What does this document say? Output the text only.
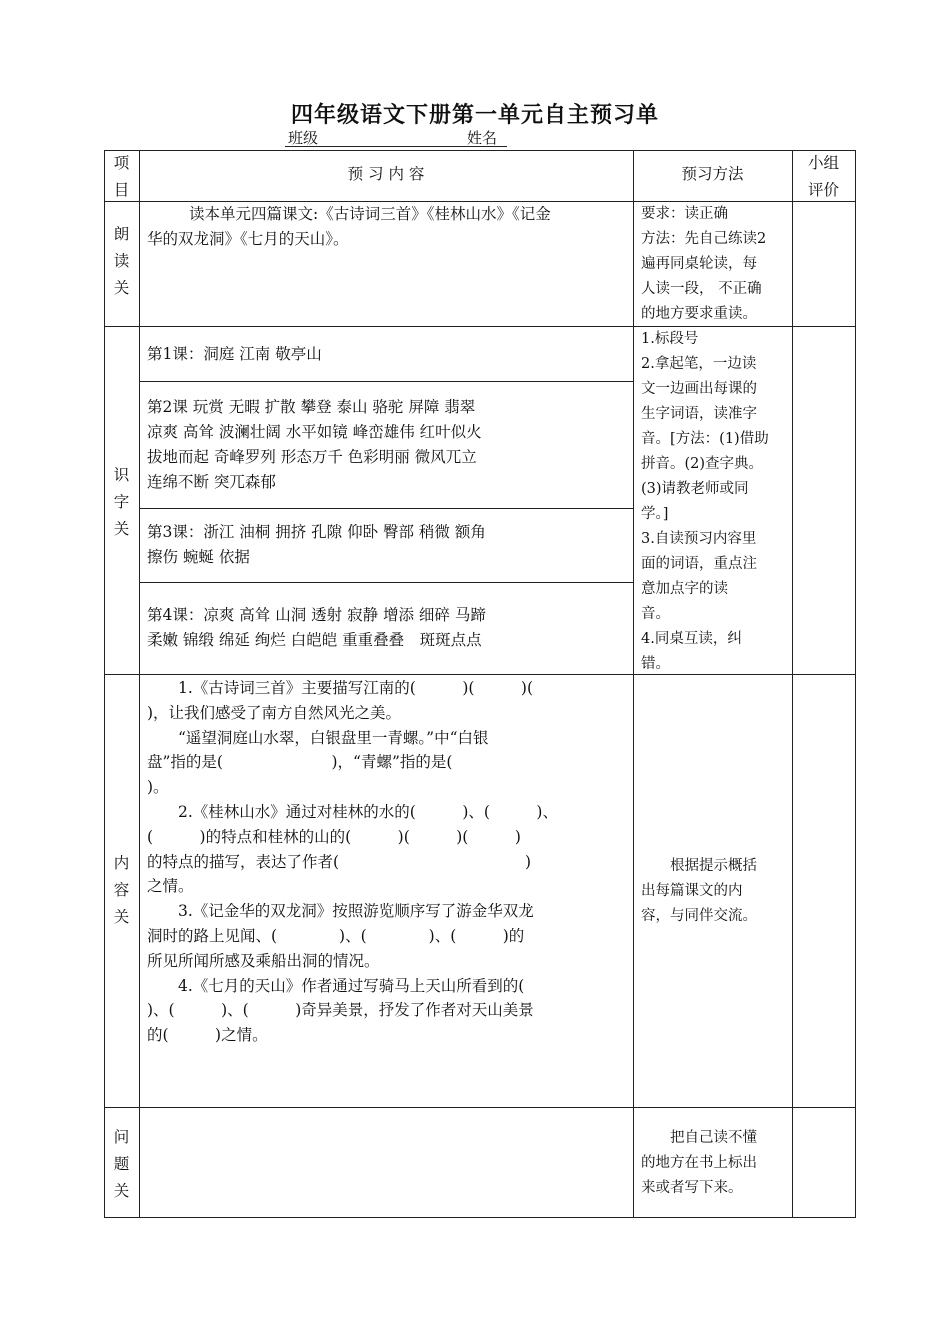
四年级语文下册第一单元自主预习单
班级	姓名
项
目
预 习 内 容	预习方法
小组
评价
朗
读
关

读本单元四篇课文:《古诗词三首》《桂林山水》《记金

华的双龙洞》《七月的天山》。

要求：读正确

方法：先自己练读2

遍再同桌轮读，每

人读一段， 不正确

的地方要求重读。

识
字
关

第1课：洞庭 江南 敬亭山

第2课 玩赏 无暇 扩散 攀登 泰山 骆驼 屏障 翡翠

凉爽 高耸 波澜壮阔 水平如镜 峰峦雄伟 红叶似火

拔地而起 奇峰罗列 形态万千 色彩明丽 微风兀立

连绵不断 突兀森郁

第3课：浙江 油桐 拥挤 孔隙 仰卧 臀部 稍微 额角

擦伤 蜿蜒 依据

第4课：凉爽 高耸 山洞 透射 寂静 增添 细碎 马蹄

柔嫩 锦缎 绵延 绚烂 白皑皑 重重叠叠　斑斑点点

1.标段号

2.拿起笔，一边读

文一边画出每课的

生字词语，读准字

音。[方法：(1)借助

拼音。(2)查字典。

(3)请教老师或同

学。]

3.自读预习内容里

面的词语，重点注

意加点字的读

音。

4.同桌互读，纠

错。

内
容
关

　　1.《古诗词三首》主要描写江南的(　　　)(　　　)(

)，让我们感受了南方自然风光之美。

　　“遥望洞庭山水翠，白银盘里一青螺。”中“白银

盘”指的是(　　　　　　　)，“青螺”指的是(

)。

　　2.《桂林山水》通过对桂林的水的(　　　)、(　　　)、

(　　　)的特点和桂林的山的(　　　)(　　　)(　　　)

的特点的描写，表达了作者(　　　　　　　　　　　　)

之情。

　　3.《记金华的双龙洞》按照游览顺序写了游金华双龙

洞时的路上见闻、(　　　　)、(　　　　)、(　　　)的

所见所闻所感及乘船出洞的情况。

　　4.《七月的天山》作者通过写骑马上天山所看到的(

)、(　　　)、(　　　)奇异美景，抒发了作者对天山美景

的(　　　)之情。

　　根据提示概括

出每篇课文的内

容，与同伴交流。

问
题
关

　　把自己读不懂

的地方在书上标出

来或者写下来。
